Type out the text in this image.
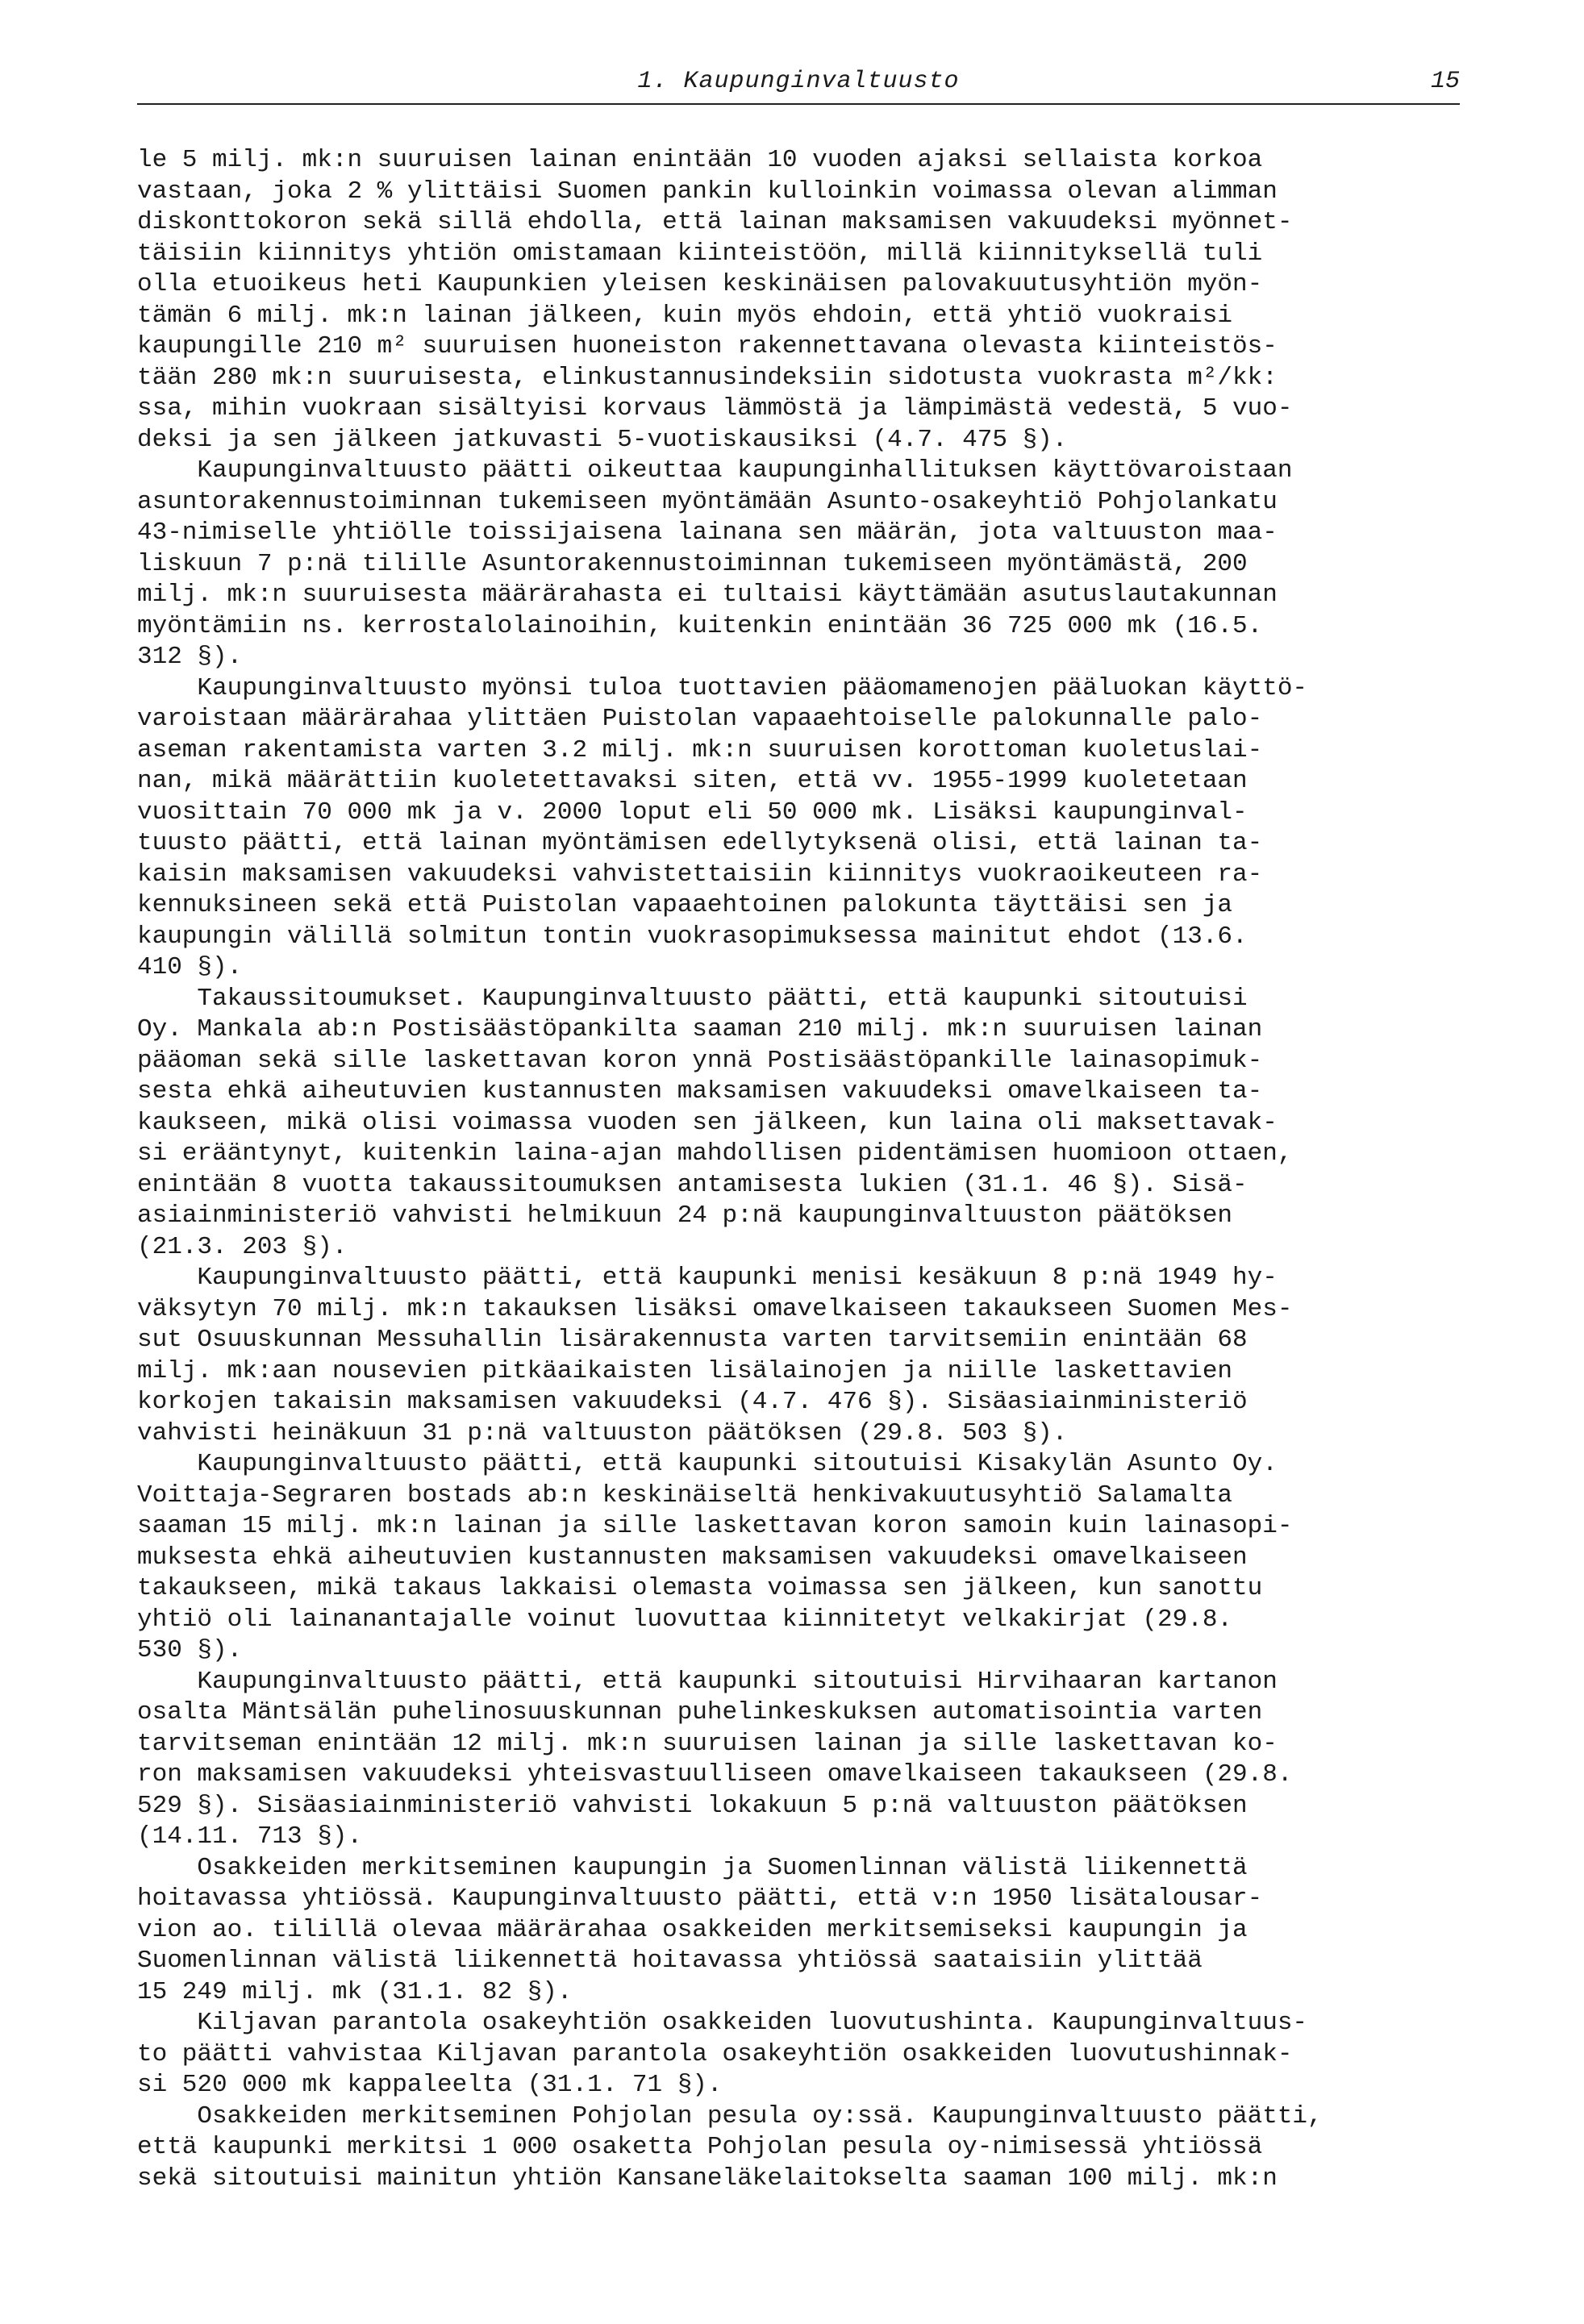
1. Kaupunginvaltuusto	15
le 5 milj. mk:n suuruisen lainan enintään 10 vuoden ajaksi sellaista korkoa
vastaan, joka 2 % ylittäisi Suomen pankin kulloinkin voimassa olevan alimman
diskonttokoron sekä sillä ehdolla, että lainan maksamisen vakuudeksi myönnet-
täisiin kiinnitys yhtiön omistamaan kiinteistöön, millä kiinnityksellä tuli
olla etuoikeus heti Kaupunkien yleisen keskinäisen palovakuutusyhtiön myön-
tämän 6 milj. mk:n lainan jälkeen, kuin myös ehdoin, että yhtiö vuokraisi
kaupungille 210 m² suuruisen huoneiston rakennettavana olevasta kiinteistös-
tään 280 mk:n suuruisesta, elinkustannusindeksiin sidotusta vuokrasta m²/kk:
ssa, mihin vuokraan sisältyisi korvaus lämmöstä ja lämpimästä vedestä, 5 vuo-
deksi ja sen jälkeen jatkuvasti 5-vuotiskausiksi (4.7. 475 §).
Kaupunginvaltuusto päätti oikeuttaa kaupunginhallituksen käyttövaroistaan
asuntorakennustoiminnan tukemiseen myöntämään Asunto-osakeyhtiö Pohjolankatu
43-nimiselle yhtiölle toissijaisena lainana sen määrän, jota valtuuston maa-
liskuun 7 p:nä tilille Asuntorakennustoiminnan tukemiseen myöntämästä, 200
milj. mk:n suuruisesta määrärahasta ei tultaisi käyttämään asutuslautakunnan
myöntämiin ns. kerrostalolainoihin, kuitenkin enintään 36 725 000 mk (16.5.
312 §).
Kaupunginvaltuusto myönsi tuloa tuottavien pääomamenojen pääluokan käyttö-
varoistaan määrärahaa ylittäen Puistolan vapaaehtoiselle palokunnalle palo-
aseman rakentamista varten 3.2 milj. mk:n suuruisen korottoman kuoletuslai-
nan, mikä määrättiin kuoletettavaksi siten, että vv. 1955-1999 kuoletetaan
vuosittain 70 000 mk ja v. 2000 loput eli 50 000 mk. Lisäksi kaupunginval-
tuusto päätti, että lainan myöntämisen edellytyksenä olisi, että lainan ta-
kaisin maksamisen vakuudeksi vahvistettaisiin kiinnitys vuokraoikeuteen ra-
kennuksineen sekä että Puistolan vapaaehtoinen palokunta täyttäisi sen ja
kaupungin välillä solmitun tontin vuokrasopimuksessa mainitut ehdot (13.6.
410 §).
Takaussitoumukset. Kaupunginvaltuusto päätti, että kaupunki sitoutuisi
Oy. Mankala ab:n Postisäästöpankilta saaman 210 milj. mk:n suuruisen lainan
pääoman sekä sille laskettavan koron ynnä Postisäästöpankille lainasopimuk-
sesta ehkä aiheutuvien kustannusten maksamisen vakuudeksi omavelkaiseen ta-
kaukseen, mikä olisi voimassa vuoden sen jälkeen, kun laina oli maksettavak-
si erääntynyt, kuitenkin laina-ajan mahdollisen pidentämisen huomioon ottaen,
enintään 8 vuotta takaussitoumuksen antamisesta lukien (31.1. 46 §). Sisä-
asiainministeriö vahvisti helmikuun 24 p:nä kaupunginvaltuuston päätöksen
(21.3. 203 §).
Kaupunginvaltuusto päätti, että kaupunki menisi kesäkuun 8 p:nä 1949 hy-
väksytyn 70 milj. mk:n takauksen lisäksi omavelkaiseen takaukseen Suomen Mes-
sut Osuuskunnan Messuhallin lisärakennusta varten tarvitsemiin enintään 68
milj. mk:aan nousevien pitkäaikaisten lisälainojen ja niille laskettavien
korkojen takaisin maksamisen vakuudeksi (4.7. 476 §). Sisäasiainministeriö
vahvisti heinäkuun 31 p:nä valtuuston päätöksen (29.8. 503 §).
Kaupunginvaltuusto päätti, että kaupunki sitoutuisi Kisakylän Asunto Oy.
Voittaja-Segraren bostads ab:n keskinäiseltä henkivakuutusyhtiö Salamalta
saaman 15 milj. mk:n lainan ja sille laskettavan koron samoin kuin lainasopi-
muksesta ehkä aiheutuvien kustannusten maksamisen vakuudeksi omavelkaiseen
takaukseen, mikä takaus lakkaisi olemasta voimassa sen jälkeen, kun sanottu
yhtiö oli lainanantajalle voinut luovuttaa kiinnitetyt velkakirjat (29.8.
530 §).
Kaupunginvaltuusto päätti, että kaupunki sitoutuisi Hirvihaaran kartanon
osalta Mäntsälän puhelinosuuskunnan puhelinkeskuksen automatisointia varten
tarvitseman enintään 12 milj. mk:n suuruisen lainan ja sille laskettavan ko-
ron maksamisen vakuudeksi yhteisvastuulliseen omavelkaiseen takaukseen (29.8.
529 §). Sisäasiainministeriö vahvisti lokakuun 5 p:nä valtuuston päätöksen
(14.11. 713 §).
Osakkeiden merkitseminen kaupungin ja Suomenlinnan välistä liikennettä
hoitavassa yhtiössä. Kaupunginvaltuusto päätti, että v:n 1950 lisätalousar-
vion ao. tilillä olevaa määrärahaa osakkeiden merkitsemiseksi kaupungin ja
Suomenlinnan välistä liikennettä hoitavassa yhtiössä saataisiin ylittää
15 249 milj. mk (31.1. 82 §).
Kiljavan parantola osakeyhtiön osakkeiden luovutushinta. Kaupunginvaltuus-
to päätti vahvistaa Kiljavan parantola osakeyhtiön osakkeiden luovutushinnak-
si 520 000 mk kappaleelta (31.1. 71 §).
Osakkeiden merkitseminen Pohjolan pesula oy:ssä. Kaupunginvaltuusto päätti,
että kaupunki merkitsi 1 000 osaketta Pohjolan pesula oy-nimisessä yhtiössä
sekä sitoutuisi mainitun yhtiön Kansaneläkelaitokselta saaman 100 milj. mk:n
